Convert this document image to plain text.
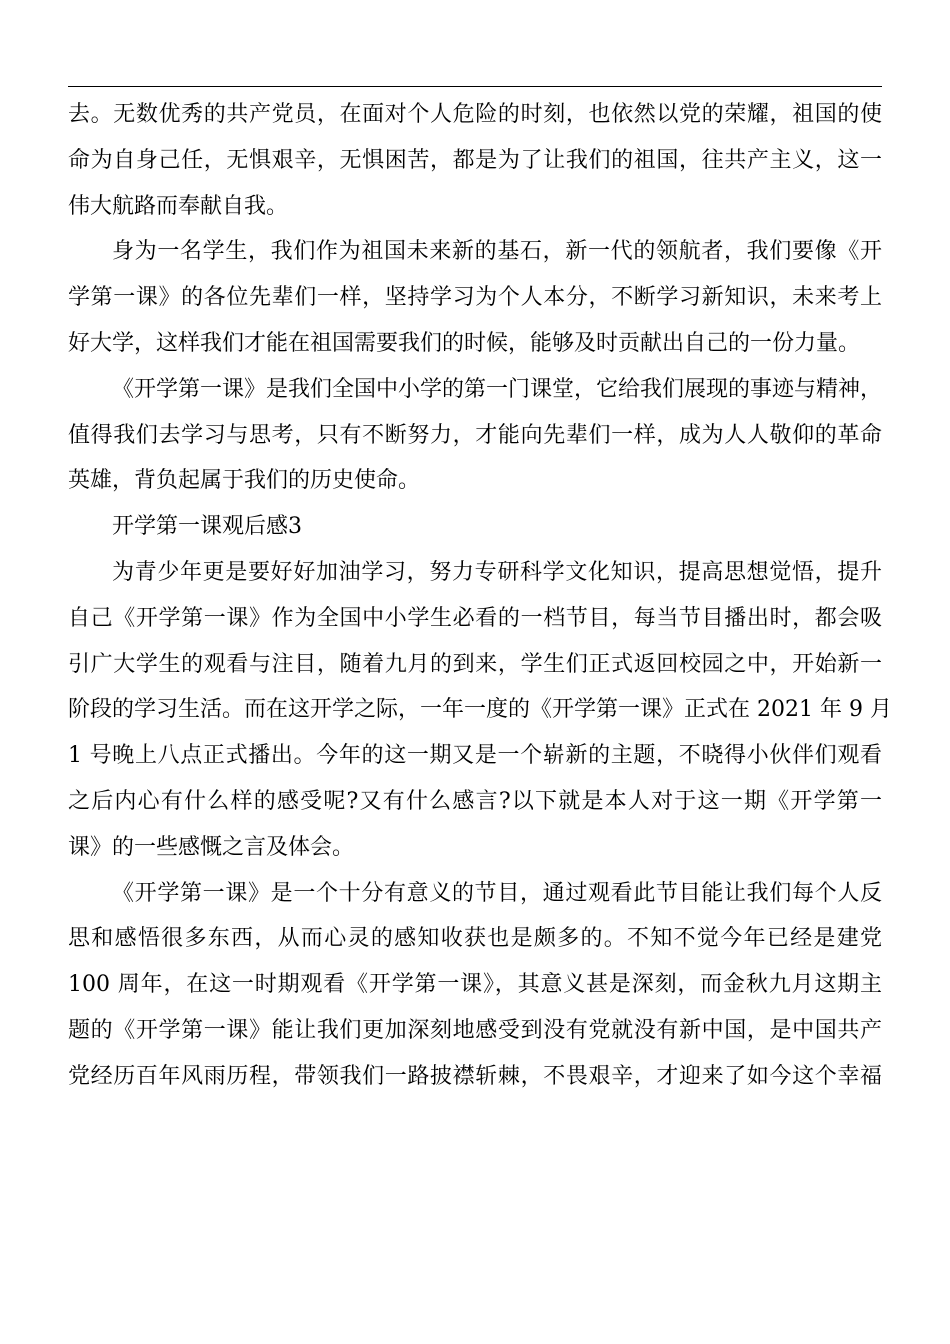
去。无数优秀的共产党员，在面对个人危险的时刻，也依然以党的荣耀，祖国的使
命为自身己任，无惧艰辛，无惧困苦，都是为了让我们的祖国，往共产主义，这一
伟大航路而奉献自我。
身为一名学生，我们作为祖国未来新的基石，新一代的领航者，我们要像《开
学第一课》的各位先辈们一样，坚持学习为个人本分，不断学习新知识，未来考上
好大学，这样我们才能在祖国需要我们的时候，能够及时贡献出自己的一份力量。
《开学第一课》是我们全国中小学的第一门课堂，它给我们展现的事迹与精神，
值得我们去学习与思考，只有不断努力，才能向先辈们一样，成为人人敬仰的革命
英雄，背负起属于我们的历史使命。
开学第一课观后感3
为青少年更是要好好加油学习，努力专研科学文化知识，提高思想觉悟，提升
自己《开学第一课》作为全国中小学生必看的一档节目，每当节目播出时，都会吸
引广大学生的观看与注目，随着九月的到来，学生们正式返回校园之中，开始新一
阶段的学习生活。而在这开学之际，一年一度的《开学第一课》正式在 2021 年 9 月
1 号晚上八点正式播出。今年的这一期又是一个崭新的主题，不晓得小伙伴们观看
之后内心有什么样的感受呢?又有什么感言?以下就是本人对于这一期《开学第一
课》的一些感慨之言及体会。
《开学第一课》是一个十分有意义的节目，通过观看此节目能让我们每个人反
思和感悟很多东西，从而心灵的感知收获也是颇多的。不知不觉今年已经是建党
100 周年，在这一时期观看《开学第一课》，其意义甚是深刻，而金秋九月这期主
题的《开学第一课》能让我们更加深刻地感受到没有党就没有新中国，是中国共产
党经历百年风雨历程，带领我们一路披襟斩棘，不畏艰辛，才迎来了如今这个幸福
